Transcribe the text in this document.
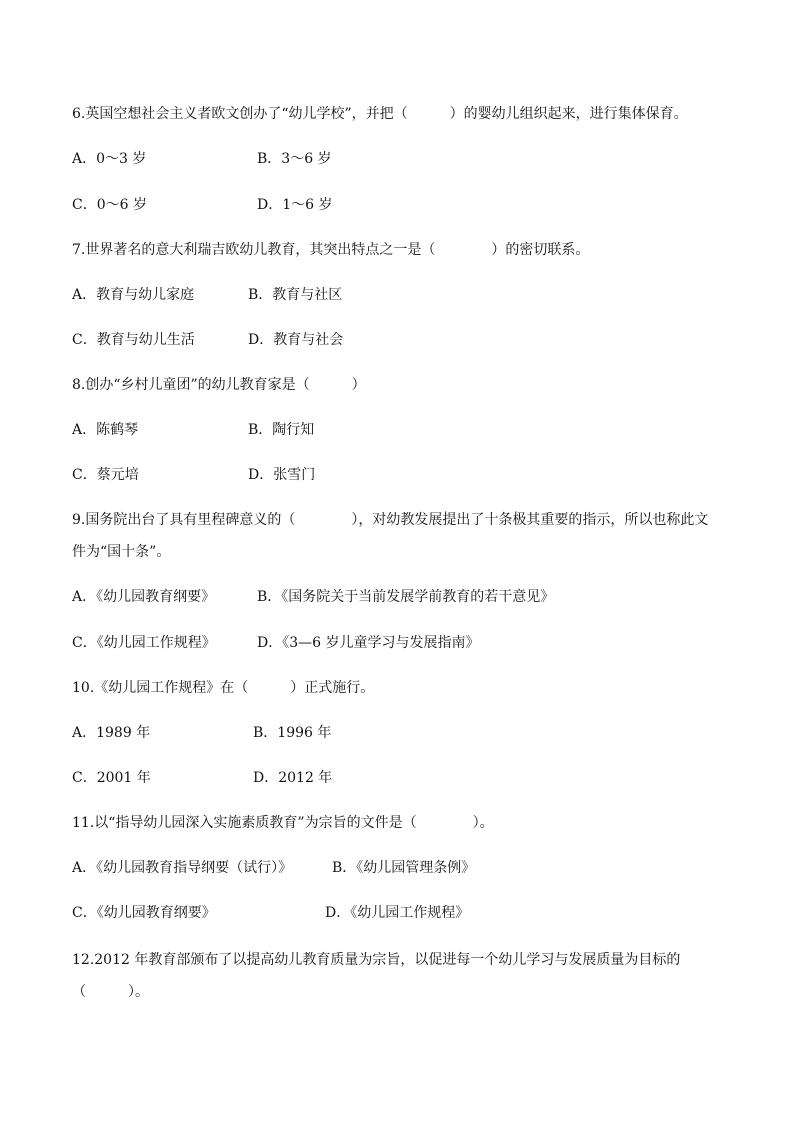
6.英国空想社会主义者欧文创办了“幼儿学校”，并把（　　　）的婴幼儿组织起来，进行集体保育。
A．0～3 岁	B．3～6 岁
C．0～6 岁	D．1～6 岁
7.世界著名的意大利瑞吉欧幼儿教育，其突出特点之一是（　　　　）的密切联系。
A．教育与幼儿家庭	B．教育与社区
C．教育与幼儿生活	D．教育与社会
8.创办“乡村儿童团”的幼儿教育家是（　　　）
A．陈鹤琴	B．陶行知
C．蔡元培	D．张雪门
9.国务院出台了具有里程碑意义的（　　　　），对幼教发展提出了十条极其重要的指示，所以也称此文
件为“国十条”。
A．《幼儿园教育纲要》	B．《国务院关于当前发展学前教育的若干意见》
C．《幼儿园工作规程》	D．《3—6 岁儿童学习与发展指南》
10.《幼儿园工作规程》在（　　　）正式施行。
A．1989 年	B．1996 年
C．2001 年	D．2012 年
11.以“指导幼儿园深入实施素质教育”为宗旨的文件是（　　　　）。
A．《幼儿园教育指导纲要（试行）》	B．《幼儿园管理条例》
C．《幼儿园教育纲要》	D．《幼儿园工作规程》
12.2012 年教育部颁布了以提高幼儿教育质量为宗旨，以促进每一个幼儿学习与发展质量为目标的
（　　　）。
